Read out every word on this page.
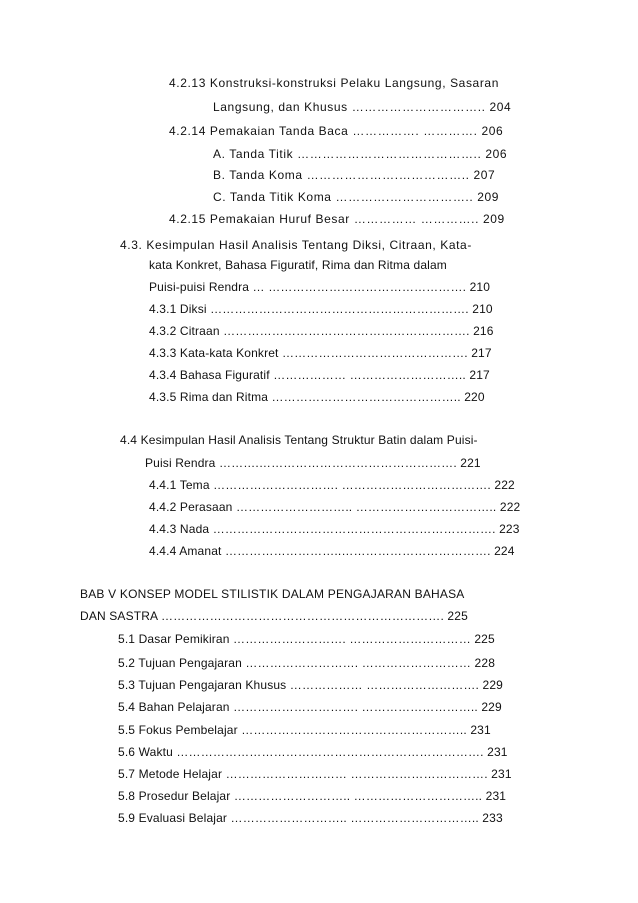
4.2.13 Konstruksi-konstruksi Pelaku Langsung, Sasaran
Langsung, dan Khusus ………………………….. 204
4.2.14 Pemakaian Tanda Baca ……………. …………. 206
A. Tanda Titik …………………………………….. 206
B. Tanda Koma ………………….…………….. 207
C. Tanda Titik Koma ………….……………….. 209
4.2.15 Pemakaian Huruf Besar …………… ………….. 209
4.3. Kesimpulan Hasil Analisis Tentang Diksi, Citraan, Kata-
kata Konkret, Bahasa Figuratif, Rima dan Ritma dalam
Puisi-puisi Rendra … …………………………………………. 210
4.3.1 Diksi ………………………………………………………. 210
4.3.2 Citraan ……………………………………………………. 216
4.3.3 Kata-kata Konkret ………………………………………. 217
4.3.4 Bahasa Figuratif ……………… ……………………….. 217
4.3.5 Rima dan Ritma ……………………………………….. 220
4.4 Kesimpulan Hasil Analisis Tentang Struktur Batin dalam Puisi-
Puisi Rendra ……….…………………………………………. 221
4.4.1 Tema …………………………. ………………………………. 222
4.4.2 Perasaan ……………………….. …………………………….. 222
4.4.3 Nada ……………………………………………………………. 223
4.4.4 Amanat ………………………..………………………………. 224
BAB V KONSEP MODEL STILISTIK DALAM PENGAJARAN BAHASA
DAN SASTRA ……………………………………………………………. 225
5.1 Dasar Pemikiran ………………………. ………………………… 225
5.2 Tujuan Pengajaran ………………………. ……………………… 228
5.3 Tujuan Pengajaran Khusus ……………… ………………………. 229
5.4 Bahan Pelajaran …………………………. ……………………….. 229
5.5 Fokus Pembelajar ……………………………………………….. 231
5.6 Waktu …………………………………………………………………. 231
5.7 Metode Helajar ………………………… ……………………………. 231
5.8 Prosedur Belajar ……………………….. ………………………….. 231
5.9 Evaluasi Belajar ……………………….. ………………………….. 233
